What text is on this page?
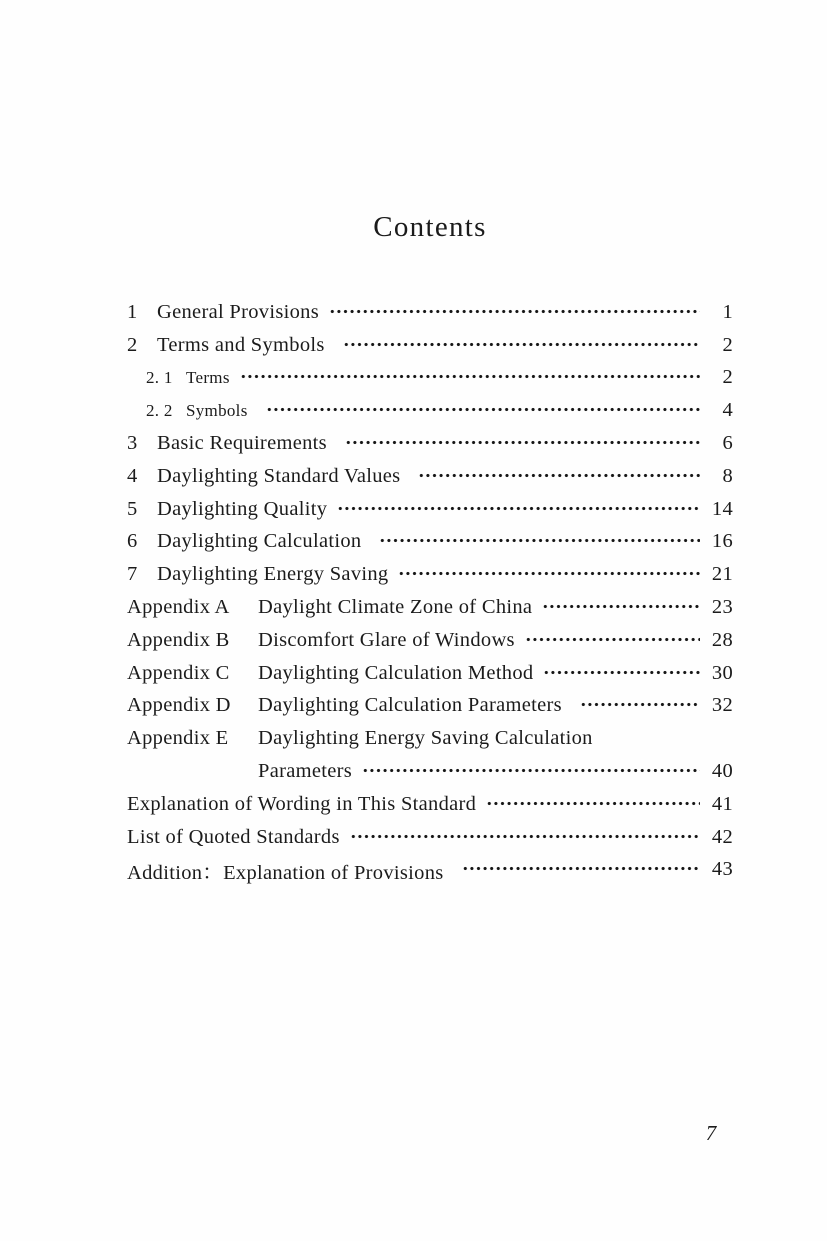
Contents
1 General Provisions	1
2 Terms and Symbols	2
2. 1 Terms	2
2. 2 Symbols	4
3 Basic Requirements	6
4 Daylighting Standard Values	8
5 Daylighting Quality	14
6 Daylighting Calculation	16
7 Daylighting Energy Saving	21
Appendix A	Daylight Climate Zone of China	23
Appendix B	Discomfort Glare of Windows	28
Appendix C	Daylighting Calculation Method	30
Appendix D	Daylighting Calculation Parameters	32
Appendix E	Daylighting Energy Saving Calculation
Parameters	40
Explanation of Wording in This Standard	41
List of Quoted Standards	42
Addition：Explanation of Provisions	43
7
